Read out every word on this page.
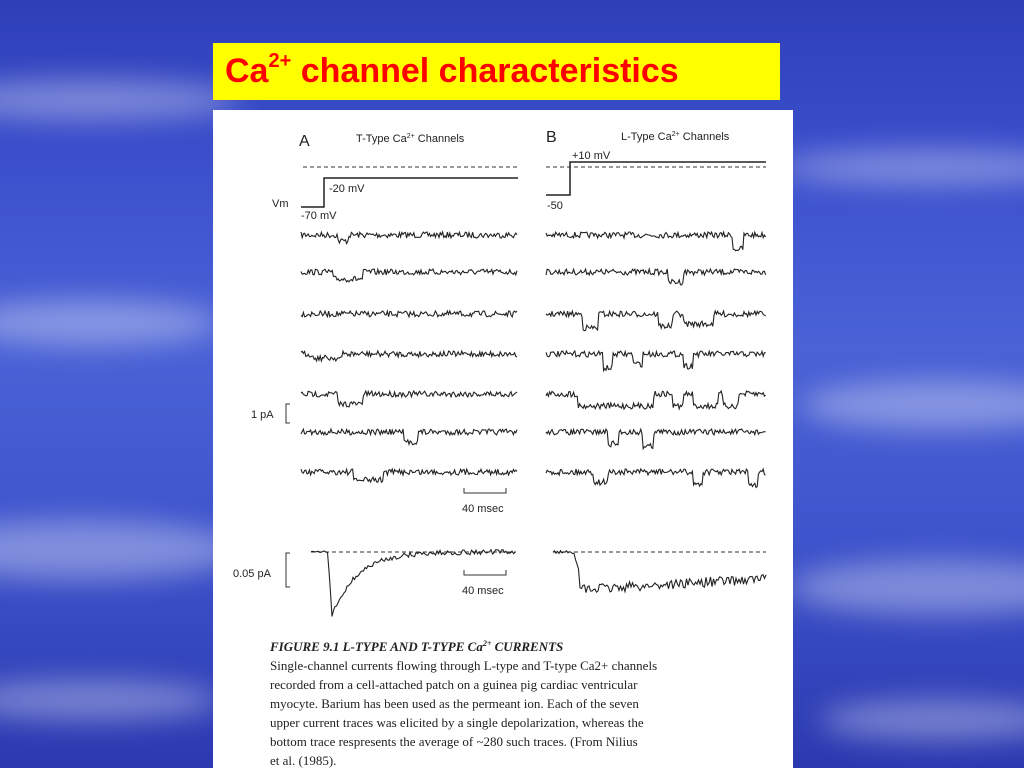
$Ca^{2+}$ channel characteristics
A	T-Type $Ca^{2+}$ Channels	B	L-Type $Ca^{2+}$ Channels
Vm
-20 mV
-70 mV
+10 mV
-50
1 pA
40 msec
0.05 pA
40 msec
FIGURE 9.1 L-TYPE AND T-TYPE $Ca^{2+}$ CURRENTS
Single-channel currents flowing through L-type and T-type Ca2+ channels
recorded from a cell-attached patch on a guinea pig cardiac ventricular
myocyte. Barium has been used as the permeant ion. Each of the seven
upper current traces was elicited by a single depolarization, whereas the
bottom trace respresents the average of ~280 such traces. (From Nilius
et al. (1985).
